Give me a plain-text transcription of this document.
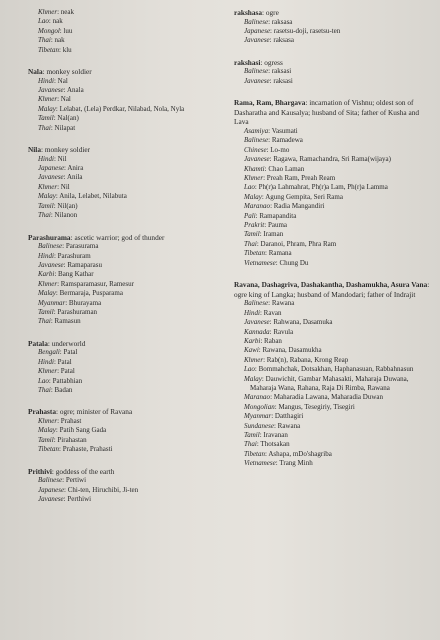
Khmer: neak
Lao: nak
Mongol: luu
Thai: nak
Tibetan: klu
Nala: monkey soldier
Hindi: Nal
Javanese: Anala
Khmer: Nal
Malay: Lelabat, (Lela) Perdkar, Nilabad, Nola, Nyla
Tamil: Nal(an)
Thai: Nilapat
Nila: monkey soldier
Hindi: Nil
Japanese: Anira
Javanese: Anila
Khmer: Nil
Malay: Anila, Lelabet, Nilabuta
Tamil: Nil(an)
Thai: Nilanon
Parashurama: ascetic warrior; god of thunder
Balinese: Parasurama
Hindi: Parashuram
Javanese: Ramaparasu
Karbi: Bang Kathar
Khmer: Ramsparamasur, Ramesur
Malay: Bermaraja, Pusparama
Myanmar: Bhurayama
Tamil: Parashuraman
Thai: Ramasun
Patala: underworld
Bengali: Patal
Hindi: Patal
Khmer: Patal
Lao: Pattabhian
Thai: Badan
Prahasta: ogre; minister of Ravana
Khmer: Prahast
Malay: Patih Sang Gada
Tamil: Pirahastan
Tibetan: Prahaste, Prahasti
Prithivi: goddess of the earth
Balinese: Pertiwi
Japanese: Chi-ten, Hiruchibi, Ji-ten
Javanese: Perthiwi
rakshasa: ogre
Balinese: raksasa
Japanese: rasetsu-doji, rasetsu-ten
Javanese: raksasa
rakshasi: ogress
Balinese: raksasi
Javanese: raksasi
Rama, Ram, Bhargava: incarnation of Vishnu; oldest son of Dasharatha and Kausalya; husband of Sita; father of Kusha and Lava
Asamiya: Vasumati
Balinese: Ramadewa
Chinese: Lo-mo
Javanese: Ragawa, Ramachandra, Sri Rama(wijaya)
Khamti: Chao Laman
Khmer: Preah Ram, Preah Ream
Lao: Ph(r)a Lahmahrat, Ph(r)a Lam, Ph(r)a Lamma
Malay: Agung Gempita, Seri Rama
Maranao: Radia Mangandiri
Pali: Ramapandita
Prakrit: Pauma
Tamil: Iraman
Thai: Daranoi, Phram, Phra Ram
Tibetan: Ramana
Vietnamese: Chung Du
Ravana, Dashagriva, Dashakantha, Dashamukha, Asura Vana: ogre king of Langka; husband of Mandodari; father of Indrajit
Balinese: Rawana
Hindi: Ravan
Javanese: Rahwana, Dasamuka
Kannada: Ravula
Karbi: Raban
Kawi: Rawana, Dasamukha
Khmer: Rab(n), Rabana, Krong Reap
Lao: Bommahchak, Dotsakhan, Haphanasuan, Rabbahnasun
Malay: Dauwichit, Gambar Mahasakti, Maharaja Duwana, Maharaja Wana, Rahana, Raja Di Rimba, Rawana
Maranao: Maharadia Lawana, Maharadia Duwan
Mongolian: Mangus, Tesegiriy, Tisegiri
Myanmar: Datthagiri
Sundanese: Rawana
Tamil: Iravanan
Thai: Thotsakan
Tibetan: Ashapa, mDo'shagriba
Vietnamese: Trang Minh
